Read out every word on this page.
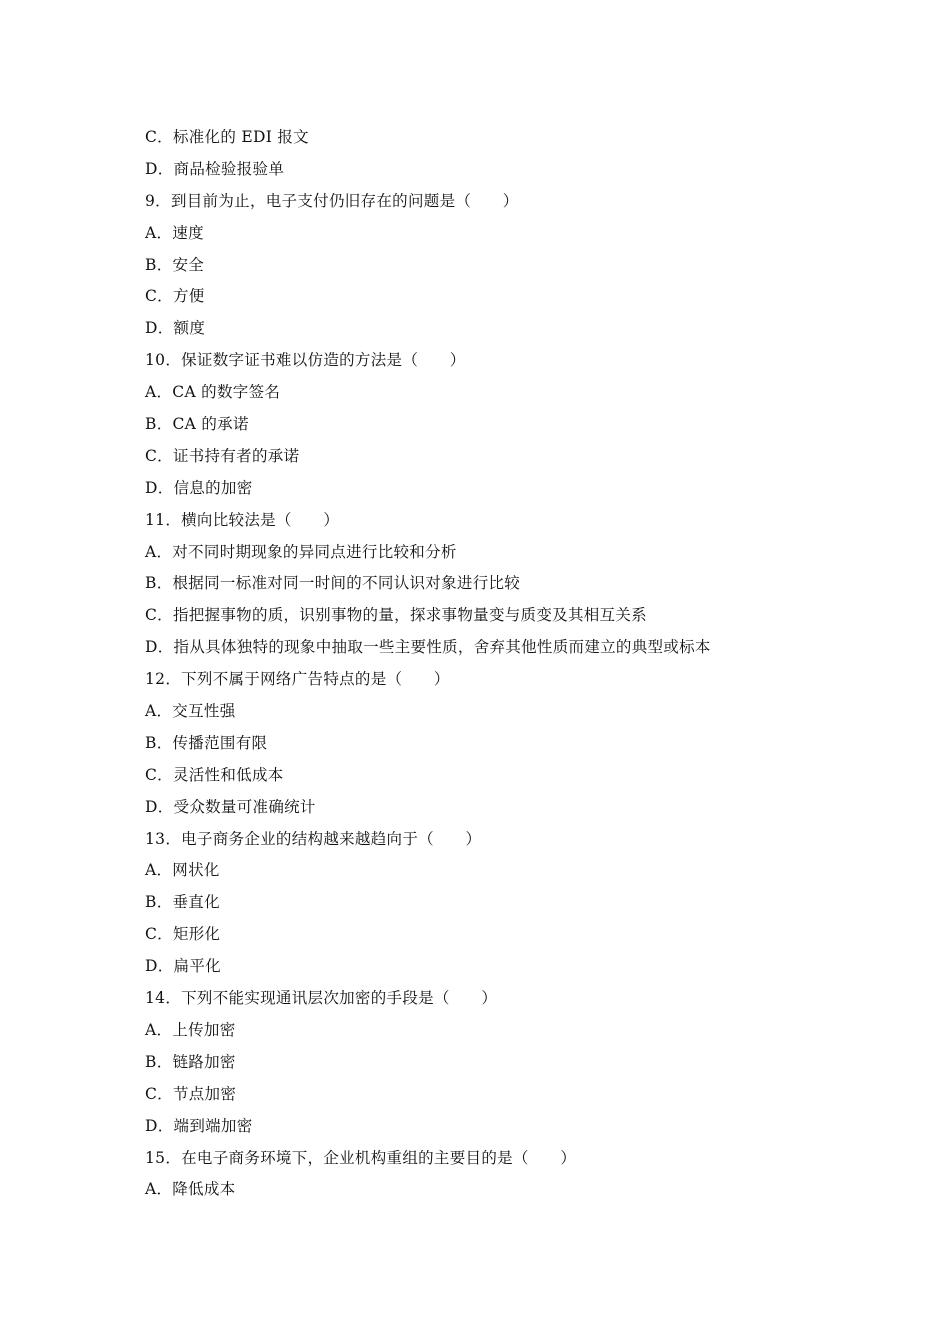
C．标准化的 EDI 报文
D．商品检验报验单
9．到目前为止，电子支付仍旧存在的问题是（　　）
A．速度
B．安全
C．方便
D．额度
10．保证数字证书难以仿造的方法是（　　）
A．CA 的数字签名
B．CA 的承诺
C．证书持有者的承诺
D．信息的加密
11．横向比较法是（　　）
A．对不同时期现象的异同点进行比较和分析
B．根据同一标准对同一时间的不同认识对象进行比较
C．指把握事物的质，识别事物的量，探求事物量变与质变及其相互关系
D．指从具体独特的现象中抽取一些主要性质，舍弃其他性质而建立的典型或标本
12．下列不属于网络广告特点的是（　　）
A．交互性强
B．传播范围有限
C．灵活性和低成本
D．受众数量可准确统计
13．电子商务企业的结构越来越趋向于（　　）
A．网状化
B．垂直化
C．矩形化
D．扁平化
14．下列不能实现通讯层次加密的手段是（　　）
A．上传加密
B．链路加密
C．节点加密
D．端到端加密
15．在电子商务环境下，企业机构重组的主要目的是（　　）
A．降低成本
